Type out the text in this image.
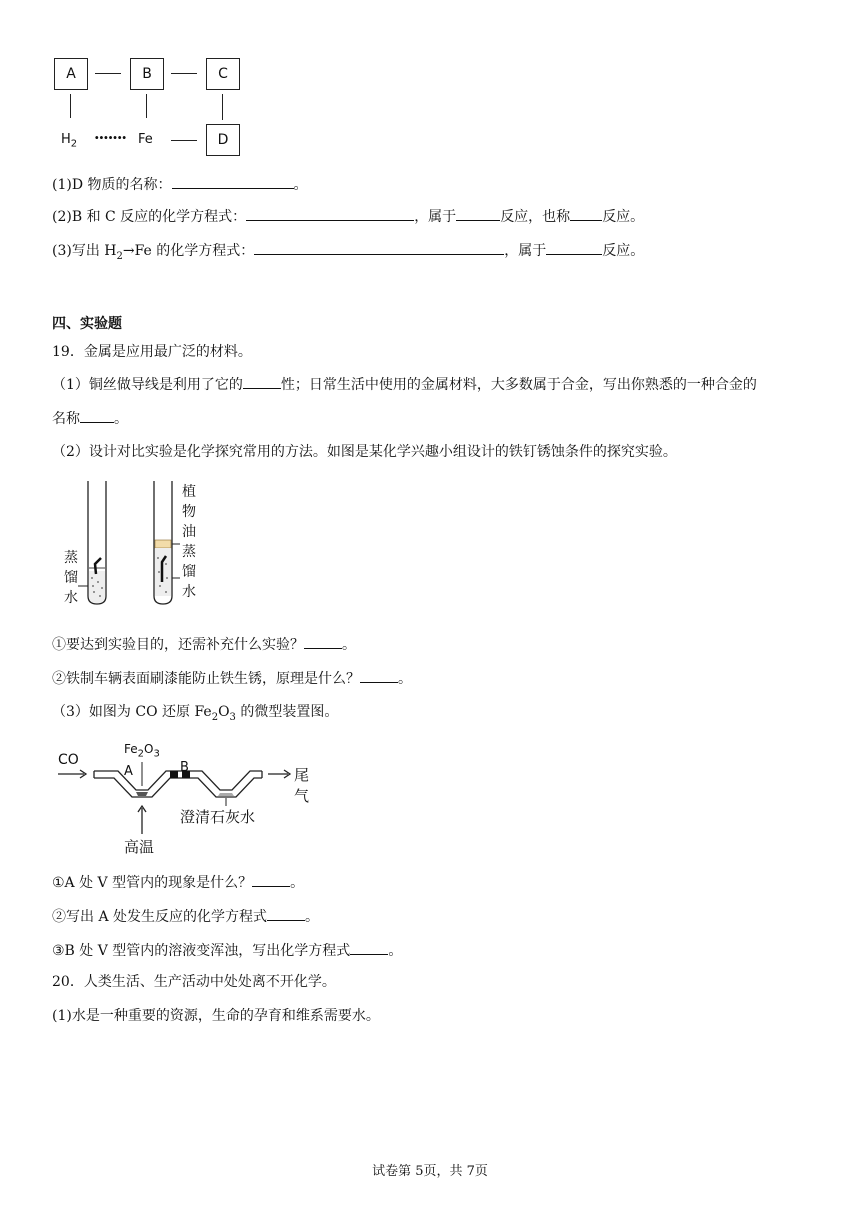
A	B	C
$H_2$ ······· Fe	D
(1)D 物质的名称：	。
(2)B 和 C 反应的化学方程式：	，属于	反应，也称 反应。
(3)写出 $H_2\to Fe$ 的化学方程式：	，属于	反应。
四、实验题
19．金属是应用最广泛的材料。
（1）铜丝做导线是利用了它的	性；日常生活中使用的金属材料，大多数属于合金，写出你熟悉的一种合金的
名称 。
（2）设计对比实验是化学探究常用的方法。如图是某化学兴趣小组设计的铁钉锈蚀条件的探究实验。
蒸
馏
水
植
物
油
蒸
馏
水
①要达到实验目的，还需补充什么实验？	。
②铁制车辆表面刷漆能防止铁生锈，原理是什么？	。
（3）如图为 CO 还原 $Fe_2O_3$ 的微型装置图。
CO
$Fe_2O_3$
A	B	尾气
澄清石灰水
高温
①A 处 V 型管内的现象是什么？	。
②写出 A 处发生反应的化学方程式	。
③B 处 V 型管内的溶液变浑浊，写出化学方程式	。
20．人类生活、生产活动中处处离不开化学。
(1)水是一种重要的资源，生命的孕育和维系需要水。
试卷第 5页，共 7页
